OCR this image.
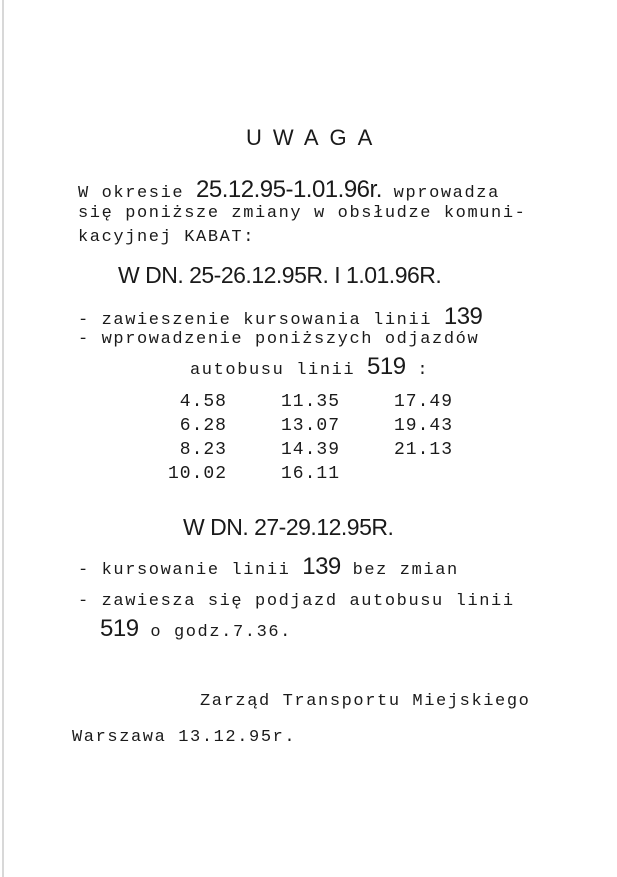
UWAGA
W okresie 25.12.95-1.01.96r. wprowadza
się poniższe zmiany w obsłudze komuni-
kacyjnej KABAT:
W DN. 25-26.12.95R. I 1.01.96R.
- zawieszenie kursowania linii 139
- wprowadzenie poniższych odjazdów
autobusu linii 519 :
4.58
6.28
8.23
10.02
11.35
13.07
14.39
16.11
17.49
19.43
21.13
W DN. 27-29.12.95R.
- kursowanie linii 139 bez zmian
- zawiesza się podjazd autobusu linii
519 o godz.7.36.
Zarząd Transportu Miejskiego
Warszawa 13.12.95r.
